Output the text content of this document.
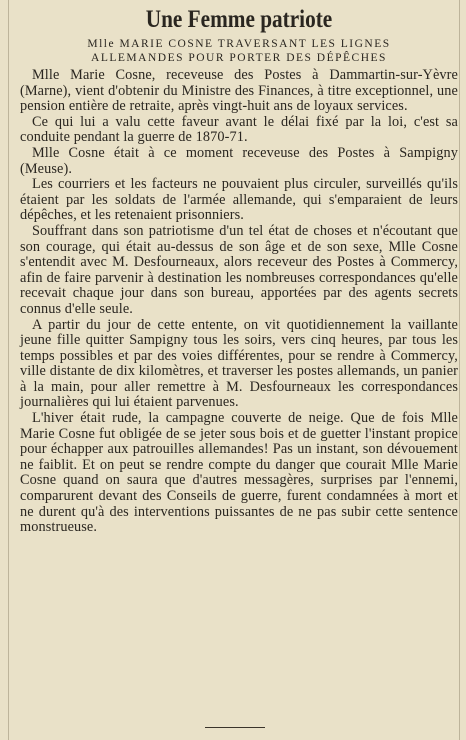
Une Femme patriote
Mlle MARIE COSNE TRAVERSANT LES LIGNES
ALLEMANDES POUR PORTER DES DÉPÊCHES

Mlle Marie Cosne, receveuse des Postes à Dammartin-sur-Yèvre (Marne), vient d'obtenir du Ministre des Finances, à titre exceptionnel, une pension entière de retraite, après vingt-huit ans de loyaux services.

Ce qui lui a valu cette faveur avant le délai fixé par la loi, c'est sa conduite pendant la guerre de 1870-71.

Mlle Cosne était à ce moment receveuse des Postes à Sampigny (Meuse).

Les courriers et les facteurs ne pouvaient plus circuler, surveillés qu'ils étaient par les soldats de l'armée allemande, qui s'emparaient de leurs dépêches, et les retenaient prisonniers.

Souffrant dans son patriotisme d'un tel état de choses et n'écoutant que son courage, qui était au-dessus de son âge et de son sexe, Mlle Cosne s'entendit avec M. Desfourneaux, alors receveur des Postes à Commercy, afin de faire parvenir à destination les nombreuses correspondances qu'elle recevait chaque jour dans son bureau, apportées par des agents secrets connus d'elle seule.

A partir du jour de cette entente, on vit quotidiennement la vaillante jeune fille quitter Sampigny tous les soirs, vers cinq heures, par tous les temps possibles et par des voies différentes, pour se rendre à Commercy, ville distante de dix kilomètres, et traverser les postes allemands, un panier à la main, pour aller remettre à M. Desfourneaux les correspondances journalières qui lui étaient parvenues.

L'hiver était rude, la campagne couverte de neige. Que de fois Mlle Marie Cosne fut obligée de se jeter sous bois et de guetter l'instant propice pour échapper aux patrouilles allemandes! Pas un instant, son dévouement ne faiblit. Et on peut se rendre compte du danger que courait Mlle Marie Cosne quand on saura que d'autres messagères, surprises par l'ennemi, comparurent devant des Conseils de guerre, furent condamnées à mort et ne durent qu'à des interventions puissantes de ne pas subir cette sentence monstrueuse.
